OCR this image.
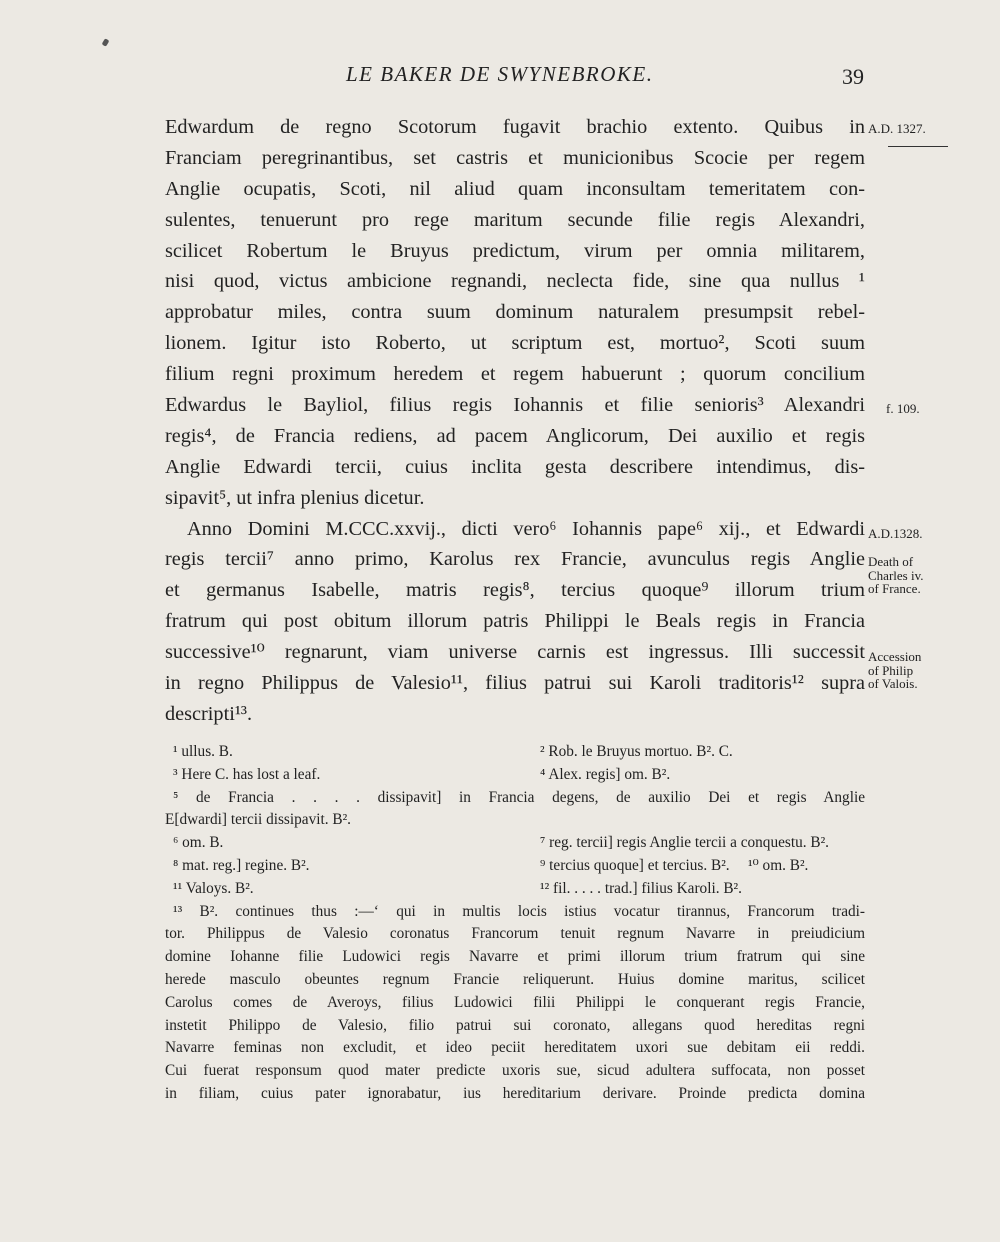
LE BAKER DE SWYNEBROKE.	39
Edwardum de regno Scotorum fugavit brachio extento. Quibus in
Franciam peregrinantibus, set castris et municionibus Scocie per regem
Anglie ocupatis, Scoti, nil aliud quam inconsultam temeritatem con-
sulentes, tenuerunt pro rege maritum secunde filie regis Alexandri,
scilicet Robertum le Bruyus predictum, virum per omnia militarem,
nisi quod, victus ambicione regnandi, neclecta fide, sine qua nullus ¹
approbatur miles, contra suum dominum naturalem presumpsit rebel-
lionem. Igitur isto Roberto, ut scriptum est, mortuo², Scoti suum
filium regni proximum heredem et regem habuerunt ; quorum concilium
Edwardus le Bayliol, filius regis Iohannis et filie senioris³ Alexandri
regis⁴, de Francia rediens, ad pacem Anglicorum, Dei auxilio et regis
Anglie Edwardi tercii, cuius inclita gesta describere intendimus, dis-
sipavit⁵, ut infra plenius dicetur.
Anno Domini M.CCC.xxvij., dicti vero⁶ Iohannis pape⁶ xij., et Edwardi
regis tercii⁷ anno primo, Karolus rex Francie, avunculus regis Anglie
et germanus Isabelle, matris regis⁸, tercius quoque⁹ illorum trium
fratrum qui post obitum illorum patris Philippi le Beals regis in Francia
successive¹⁰ regnarunt, viam universe carnis est ingressus. Illi successit
in regno Philippus de Valesio¹¹, filius patrui sui Karoli traditoris¹² supra
descripti¹³.
A.D. 1327.
f. 109.
A.D.1328.
Death of
Charles iv.
of France.
Accession
of Philip
of Valois.
¹ ullus. B.	² Rob. le Bruyus mortuo. B². C.
³ Here C. has lost a leaf.	⁴ Alex. regis] om. B².
⁵ de Francia . . . . dissipavit] in Francia degens, de auxilio Dei et regis Anglie
E[dwardi] tercii dissipavit. B².
⁶ om. B.	⁷ reg. tercii] regis Anglie tercii a conquestu. B².
⁸ mat. reg.] regine. B².	⁹ tercius quoque] et tercius. B². ¹⁰ om. B².
¹¹ Valoys. B².	¹² fil. . . . . trad.] filius Karoli. B².
¹³ B². continues thus :—‘ qui in multis locis istius vocatur tirannus, Francorum tradi-
tor. Philippus de Valesio coronatus Francorum tenuit regnum Navarre in preiudicium
domine Iohanne filie Ludowici regis Navarre et primi illorum trium fratrum qui sine
herede masculo obeuntes regnum Francie reliquerunt. Huius domine maritus, scilicet
Carolus comes de Averoys, filius Ludowici filii Philippi le conquerant regis Francie,
instetit Philippo de Valesio, filio patrui sui coronato, allegans quod hereditas regni
Navarre feminas non excludit, et ideo peciit hereditatem uxori sue debitam eii reddi.
Cui fuerat responsum quod mater predicte uxoris sue, sicud adultera suffocata, non posset
in filiam, cuius pater ignorabatur, ius hereditarium derivare. Proinde predicta domina
